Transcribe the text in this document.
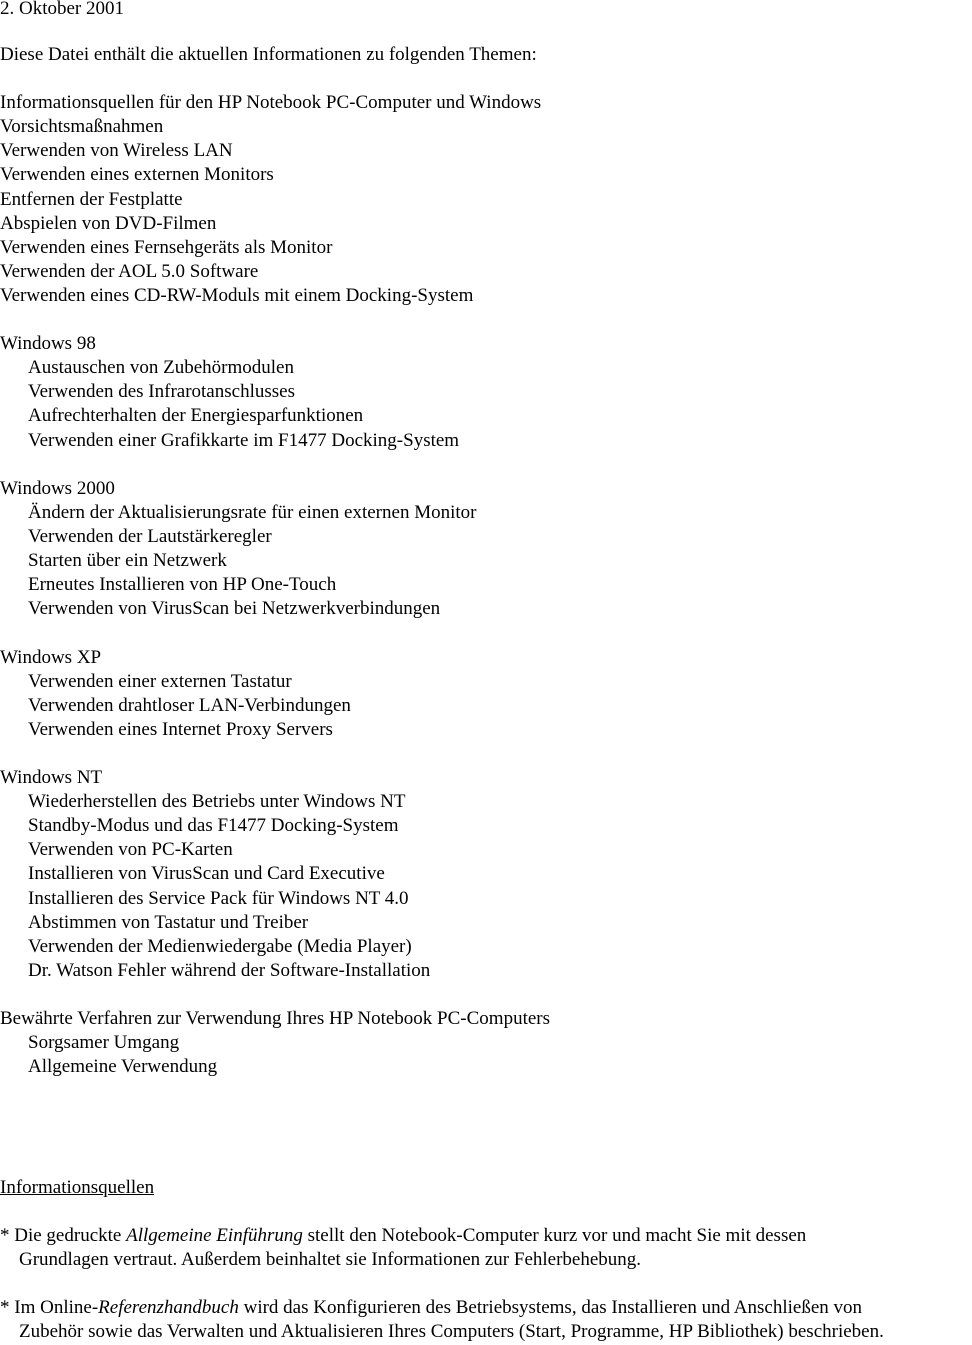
2. Oktober 2001
Diese Datei enthält die aktuellen Informationen zu folgenden Themen:
Informationsquellen für den HP Notebook PC-Computer und Windows
Vorsichtsmaßnahmen
Verwenden von Wireless LAN
Verwenden eines externen Monitors
Entfernen der Festplatte
Abspielen von DVD-Filmen
Verwenden eines Fernsehgeräts als Monitor
Verwenden der AOL 5.0 Software
Verwenden eines CD-RW-Moduls mit einem Docking-System
Windows 98
Austauschen von Zubehörmodulen
Verwenden des Infrarotanschlusses
Aufrechterhalten der Energiesparfunktionen
Verwenden einer Grafikkarte im F1477 Docking-System
Windows 2000
Ändern der Aktualisierungsrate für einen externen Monitor
Verwenden der Lautstärkeregler
Starten über ein Netzwerk
Erneutes Installieren von HP One-Touch
Verwenden von VirusScan bei Netzwerkverbindungen
Windows XP
Verwenden einer externen Tastatur
Verwenden drahtloser LAN-Verbindungen
Verwenden eines Internet Proxy Servers
Windows NT
Wiederherstellen des Betriebs unter Windows NT
Standby-Modus und das F1477 Docking-System
Verwenden von PC-Karten
Installieren von VirusScan und Card Executive
Installieren des Service Pack für Windows NT 4.0
Abstimmen von Tastatur und Treiber
Verwenden der Medienwiedergabe (Media Player)
Dr. Watson Fehler während der Software-Installation
Bewährte Verfahren zur Verwendung Ihres HP Notebook PC-Computers
Sorgsamer Umgang
Allgemeine Verwendung
Informationsquellen
* Die gedruckte Allgemeine Einführung stellt den Notebook-Computer kurz vor und macht Sie mit dessen
Grundlagen vertraut. Außerdem beinhaltet sie Informationen zur Fehlerbehebung.
* Im Online-Referenzhandbuch wird das Konfigurieren des Betriebsystems, das Installieren und Anschließen von
Zubehör sowie das Verwalten und Aktualisieren Ihres Computers (Start, Programme, HP Bibliothek) beschrieben.
